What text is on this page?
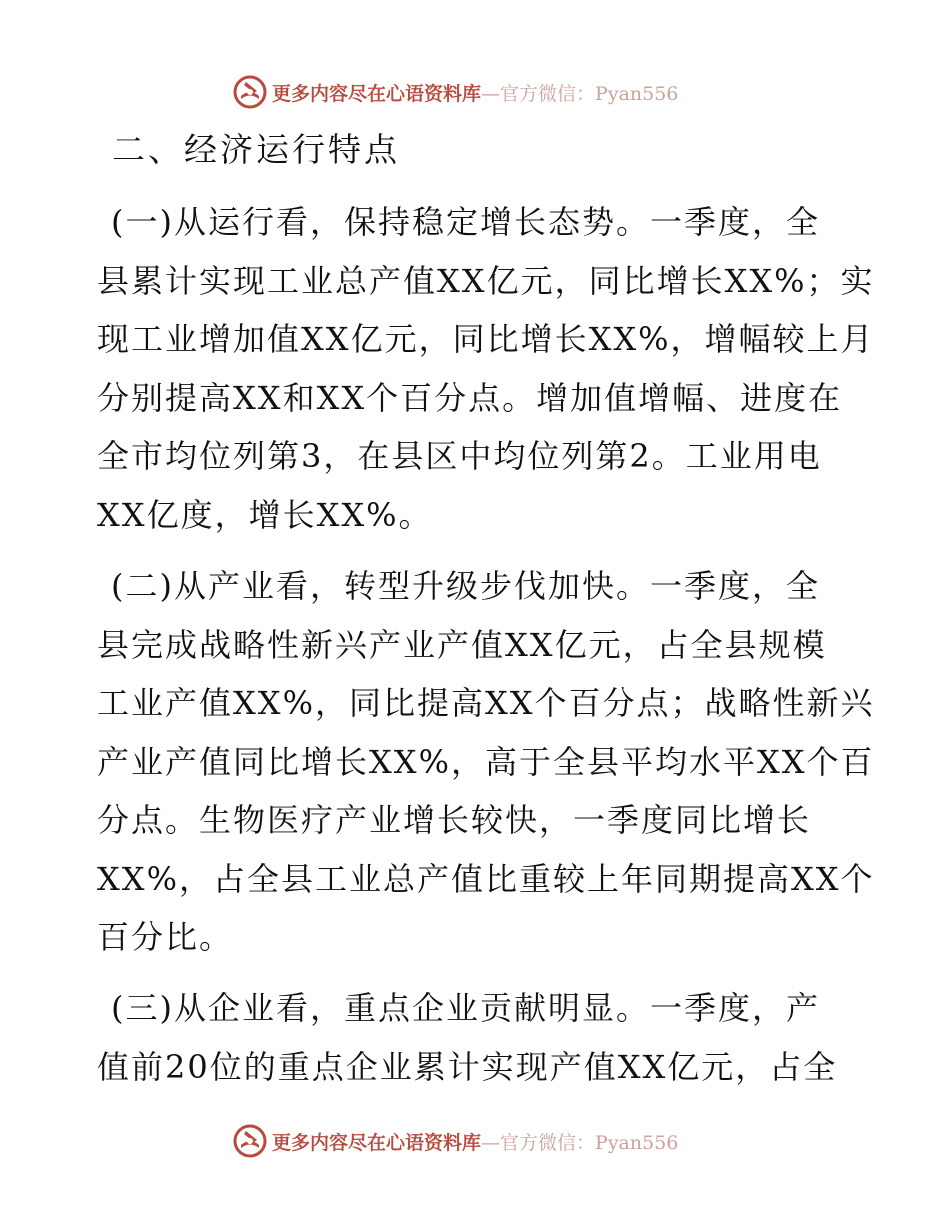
更多内容尽在心语资料库—官方微信：Pyan556
二、经济运行特点
(一)从运行看，保持稳定增长态势。一季度，全
县累计实现工业总产值XX亿元，同比增长XX%；实
现工业增加值XX亿元，同比增长XX%，增幅较上月
分别提高XX和XX个百分点。增加值增幅、进度在
全市均位列第3，在县区中均位列第2。工业用电
XX亿度，增长XX%。
(二)从产业看，转型升级步伐加快。一季度，全
县完成战略性新兴产业产值XX亿元，占全县规模
工业产值XX%，同比提高XX个百分点；战略性新兴
产业产值同比增长XX%，高于全县平均水平XX个百
分点。生物医疗产业增长较快，一季度同比增长
XX%，占全县工业总产值比重较上年同期提高XX个
百分比。
(三)从企业看，重点企业贡献明显。一季度，产
值前20位的重点企业累计实现产值XX亿元，占全
更多内容尽在心语资料库—官方微信：Pyan556
